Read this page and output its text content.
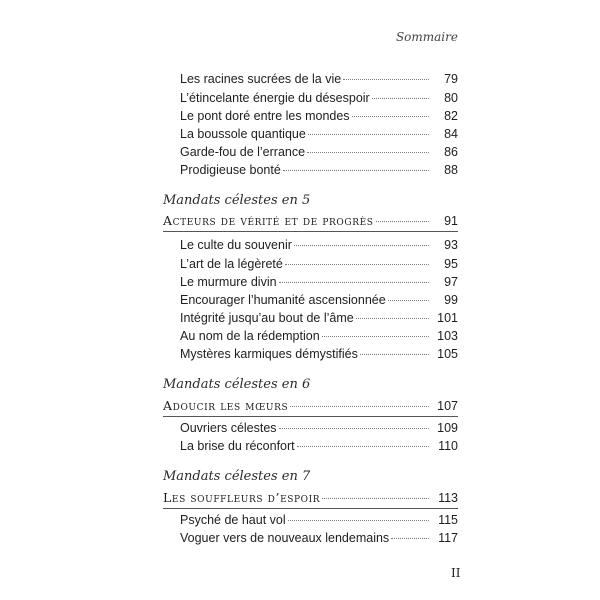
Sommaire
Les racines sucrées de la vie	79
L’étincelante énergie du désespoir	80
Le pont doré entre les mondes	82
La boussole quantique	84
Garde-fou de l’errance	86
Prodigieuse bonté	88
Mandats célestes en 5
Acteurs de vérité et de progrès	91
Le culte du souvenir	93
L’art de la légèreté	95
Le murmure divin	97
Encourager l’humanité ascensionnée	99
Intégrité jusqu’au bout de l’âme	101
Au nom de la rédemption	103
Mystères karmiques démystifiés	105
Mandats célestes en 6
Adoucir les mœurs	107
Ouvriers célestes	109
La brise du réconfort	110
Mandats célestes en 7
Les souffleurs d’espoir	113
Psyché de haut vol	115
Voguer vers de nouveaux lendemains	117
II
